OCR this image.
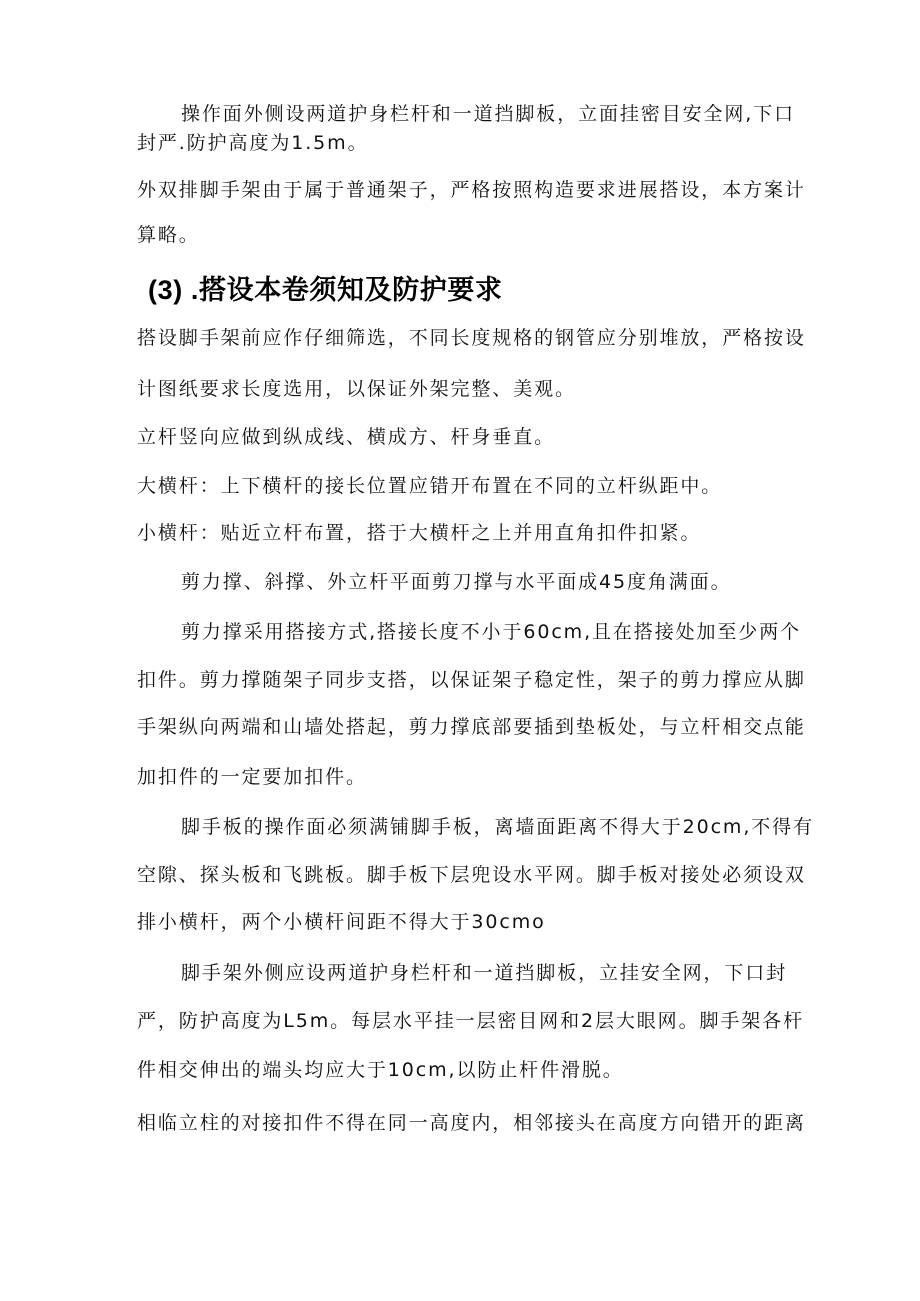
操作面外侧设两道护身栏杆和一道挡脚板，立面挂密目安全网,下口

封严.防护高度为1.5m。

外双排脚手架由于属于普通架子，严格按照构造要求进展搭设，本方案计

算略。

(3) .搭设本卷须知及防护要求

搭设脚手架前应作仔细筛选，不同长度规格的钢管应分别堆放，严格按设

计图纸要求长度选用，以保证外架完整、美观。

立杆竖向应做到纵成线、横成方、杆身垂直。

大横杆：上下横杆的接长位置应错开布置在不同的立杆纵距中。

小横杆：贴近立杆布置，搭于大横杆之上并用直角扣件扣紧。

剪力撑、斜撑、外立杆平面剪刀撑与水平面成45度角满面。

剪力撑采用搭接方式,搭接长度不小于60cm,且在搭接处加至少两个

扣件。剪力撑随架子同步支搭，以保证架子稳定性，架子的剪力撑应从脚

手架纵向两端和山墙处搭起，剪力撑底部要插到垫板处，与立杆相交点能

加扣件的一定要加扣件。

脚手板的操作面必须满铺脚手板，离墙面距离不得大于20cm,不得有

空隙、探头板和飞跳板。脚手板下层兜设水平网。脚手板对接处必须设双

排小横杆，两个小横杆间距不得大于30cmo

脚手架外侧应设两道护身栏杆和一道挡脚板，立挂安全网，下口封

严，防护高度为L5m。每层水平挂一层密目网和2层大眼网。脚手架各杆

件相交伸出的端头均应大于10cm,以防止杆件滑脱。

相临立柱的对接扣件不得在同一高度内，相邻接头在高度方向错开的距离
